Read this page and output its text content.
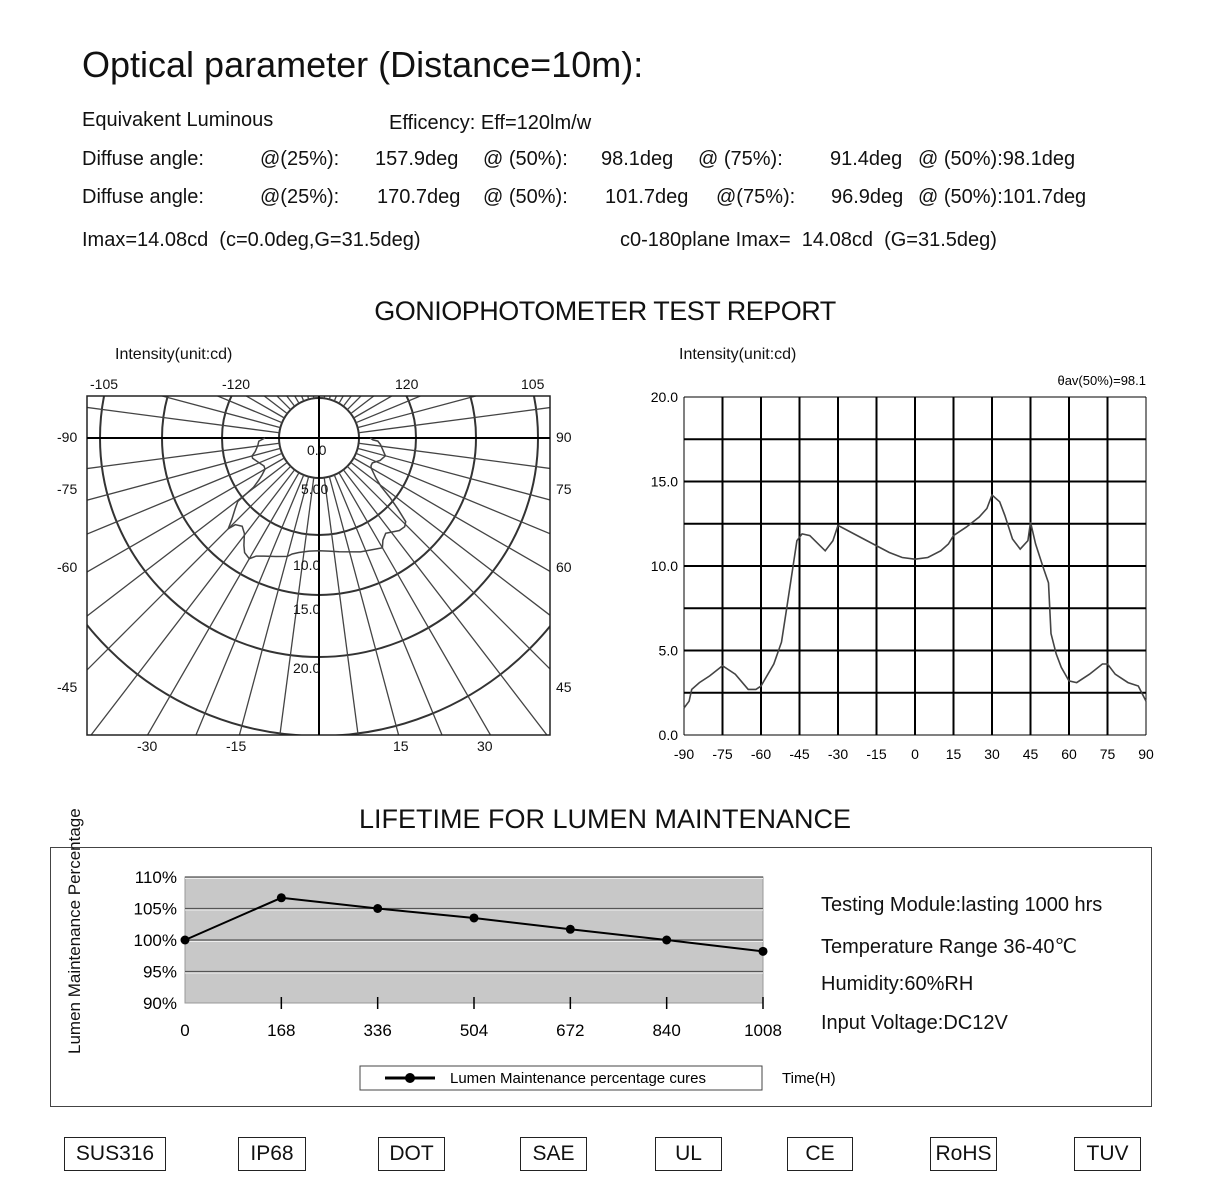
Optical parameter (Distance=10m):
Equivakent Luminous	Efficency: Eff=120lm/w
Diffuse angle:	@(25%): 157.9deg @ (50%): 98.1deg @ (75%): 91.4deg @ (50%):98.1deg
Diffuse angle:	@(25%): 170.7deg @ (50%): 101.7deg @(75%): 96.9deg @ (50%):101.7deg
Imax=14.08cd  (c=0.0deg,G=31.5deg)	c0-180plane Imax=  14.08cd  (G=31.5deg)
GONIOPHOTOMETER TEST REPORT
Intensity(unit:cd)	Intensity(unit:cd)
-105	-120	120	105
-90
-75
-60
-45
90
75
60
45
-30	-15	15	30
0.0
5.00
10.0
15.0
20.0
θav(50%)=98.1
-90 -75 -60 -45 -30 -15 0 15 30 45 60 75 90
0.0
5.0
10.0
15.0
20.0
LIFETIME FOR LUMEN MAINTENANCE
0	168	336	504	672	840	1008
110%
105%
100%
95%
90%
Lumen Maintenance percentage cures	Time(H)

Lumen Maintenance Percentage	Testing Module:lasting 1000 hrs
Temperature Range 36-40℃
Humidity:60%RH
Input Voltage:DC12V
SUS316	IP68	DOT	SAE	UL	CE	RoHS	TUV
